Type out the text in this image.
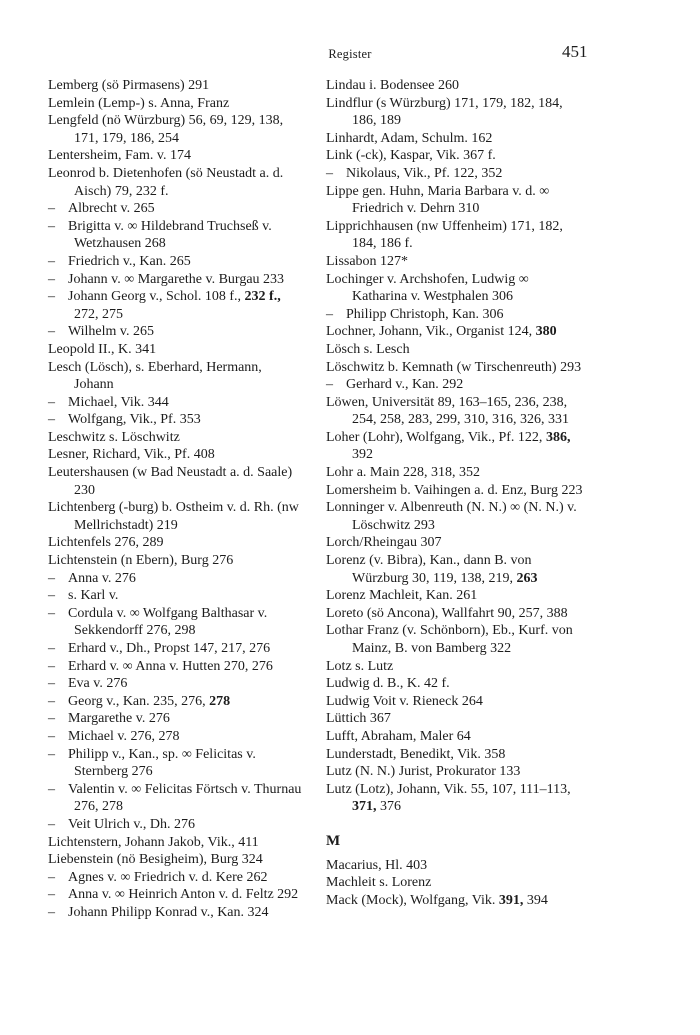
Register	451
Lemberg (sö Pirmasens) 291
Lemlein (Lemp-) s. Anna, Franz
Lengfeld (nö Würzburg) 56, 69, 129, 138, 171, 179, 186, 254
Lentersheim, Fam. v. 174
Leonrod b. Dietenhofen (sö Neustadt a. d. Aisch) 79, 232 f.
– Albrecht v. 265
– Brigitta v. ∞ Hildebrand Truchseß v. Wetzhausen 268
– Friedrich v., Kan. 265
– Johann v. ∞ Margarethe v. Burgau 233
– Johann Georg v., Schol. 108 f., 232 f., 272, 275
– Wilhelm v. 265
Leopold II., K. 341
Lesch (Lösch), s. Eberhard, Hermann, Johann
– Michael, Vik. 344
– Wolfgang, Vik., Pf. 353
Leschwitz s. Löschwitz
Lesner, Richard, Vik., Pf. 408
Leutershausen (w Bad Neustadt a. d. Saale) 230
Lichtenberg (-burg) b. Ostheim v. d. Rh. (nw Mellrichstadt) 219
Lichtenfels 276, 289
Lichtenstein (n Ebern), Burg 276
– Anna v. 276
– s. Karl v.
– Cordula v. ∞ Wolfgang Balthasar v. Sekkendorff 276, 298
– Erhard v., Dh., Propst 147, 217, 276
– Erhard v. ∞ Anna v. Hutten 270, 276
– Eva v. 276
– Georg v., Kan. 235, 276, 278
– Margarethe v. 276
– Michael v. 276, 278
– Philipp v., Kan., sp. ∞ Felicitas v. Sternberg 276
– Valentin v. ∞ Felicitas Förtsch v. Thurnau 276, 278
– Veit Ulrich v., Dh. 276
Lichtenstern, Johann Jakob, Vik., 411
Liebenstein (nö Besigheim), Burg 324
– Agnes v. ∞ Friedrich v. d. Kere 262
– Anna v. ∞ Heinrich Anton v. d. Feltz 292
– Johann Philipp Konrad v., Kan. 324
Lindau i. Bodensee 260
Lindflur (s Würzburg) 171, 179, 182, 184, 186, 189
Linhardt, Adam, Schulm. 162
Link (-ck), Kaspar, Vik. 367 f.
– Nikolaus, Vik., Pf. 122, 352
Lippe gen. Huhn, Maria Barbara v. d. ∞ Friedrich v. Dehrn 310
Lipprichhausen (nw Uffenheim) 171, 182, 184, 186 f.
Lissabon 127*
Lochinger v. Archshofen, Ludwig ∞ Katharina v. Westphalen 306
– Philipp Christoph, Kan. 306
Lochner, Johann, Vik., Organist 124, 380
Lösch s. Lesch
Löschwitz b. Kemnath (w Tirschenreuth) 293
– Gerhard v., Kan. 292
Löwen, Universität 89, 163–165, 236, 238, 254, 258, 283, 299, 310, 316, 326, 331
Loher (Lohr), Wolfgang, Vik., Pf. 122, 386, 392
Lohr a. Main 228, 318, 352
Lomersheim b. Vaihingen a. d. Enz, Burg 223
Lonninger v. Albenreuth (N. N.) ∞ (N. N.) v. Löschwitz 293
Lorch/Rheingau 307
Lorenz (v. Bibra), Kan., dann B. von Würzburg 30, 119, 138, 219, 263
Lorenz Machleit, Kan. 261
Loreto (sö Ancona), Wallfahrt 90, 257, 388
Lothar Franz (v. Schönborn), Eb., Kurf. von Mainz, B. von Bamberg 322
Lotz s. Lutz
Ludwig d. B., K. 42 f.
Ludwig Voit v. Rieneck 264
Lüttich 367
Lufft, Abraham, Maler 64
Lunderstadt, Benedikt, Vik. 358
Lutz (N. N.) Jurist, Prokurator 133
Lutz (Lotz), Johann, Vik. 55, 107, 111–113, 371, 376
M
Macarius, Hl. 403
Machleit s. Lorenz
Mack (Mock), Wolfgang, Vik. 391, 394
